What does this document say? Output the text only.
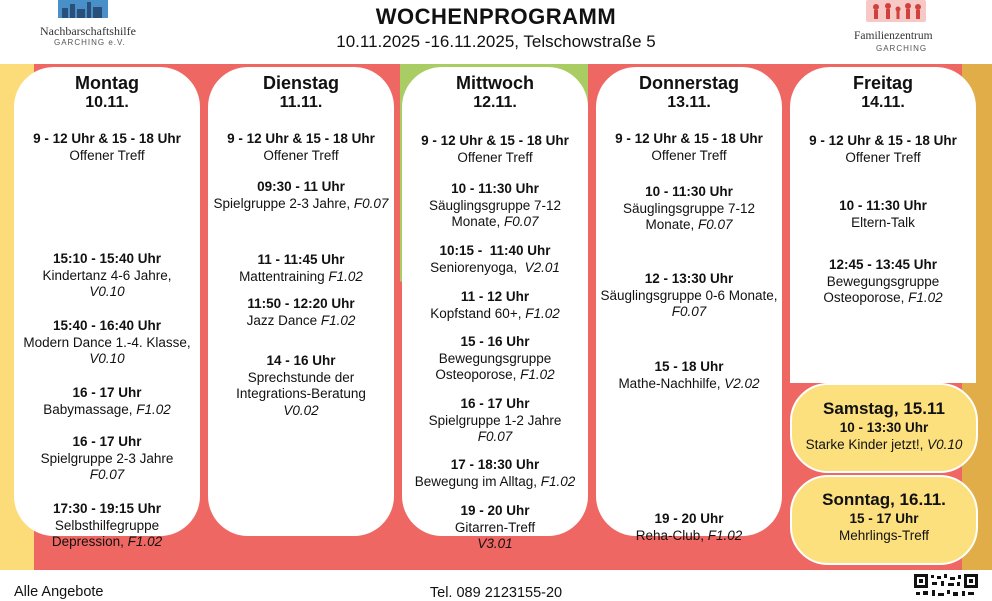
Nachbarschaftshilfe
GARCHING e.V.
WOCHENPROGRAMM
10.11.2025 -16.11.2025, Telschowstraße 5	Familienzentrum
GARCHING
Montag
10.11.
9 - 12 Uhr & 15 - 18 Uhr
Offener Treff
15:10 - 15:40 Uhr
Kindertanz 4-6 Jahre,
V0.10
15:40 - 16:40 Uhr
Modern Dance 1.-4. Klasse, V0.10
16 - 17 Uhr
Babymassage, F1.02
16 - 17 Uhr
Spielgruppe 2-3 Jahre
F0.07
17:30 - 19:15 Uhr
Selbsthilfegruppe Depression, F1.02
Dienstag
11.11.
9 - 12 Uhr & 15 - 18 Uhr
Offener Treff
09:30 - 11 Uhr
Spielgruppe 2-3 Jahre, F0.07
11 - 11:45 Uhr
Mattentraining F1.02
11:50 - 12:20 Uhr
Jazz Dance F1.02
14 - 16 Uhr
Sprechstunde der Integrations-Beratung
V0.02
Mittwoch
12.11.
9 - 12 Uhr & 15 - 18 Uhr
Offener Treff
10 - 11:30 Uhr
Säuglingsgruppe 7-12 Monate, F0.07
10:15 -  11:40 Uhr
Seniorenyoga, V2.01
11 - 12 Uhr
Kopfstand 60+, F1.02
15 - 16 Uhr
Bewegungsgruppe Osteoporose, F1.02
16 - 17 Uhr
Spielgruppe 1-2 Jahre
F0.07
17 - 18:30 Uhr
Bewegung im Alltag, F1.02
19 - 20 Uhr
Gitarren-Treff
V3.01
Donnerstag
13.11.
9 - 12 Uhr & 15 - 18 Uhr
Offener Treff
10 - 11:30 Uhr
Säuglingsgruppe 7-12 Monate, F0.07
12 - 13:30 Uhr
Säuglingsgruppe 0-6 Monate, F0.07
15 - 18 Uhr
Mathe-Nachhilfe, V2.02
19 - 20 Uhr
Reha-Club, F1.02
Freitag
14.11.
9 - 12 Uhr & 15 - 18 Uhr
Offener Treff
10 - 11:30 Uhr
Eltern-Talk
12:45 - 13:45 Uhr
Bewegungsgruppe Osteoporose, F1.02
Samstag, 15.11
10 - 13:30 Uhr
Starke Kinder jetzt!, V0.10
Sonntag, 16.11.
15 - 17 Uhr
Mehrlings-Treff
Alle Angebote	Tel. 089 2123155-20
